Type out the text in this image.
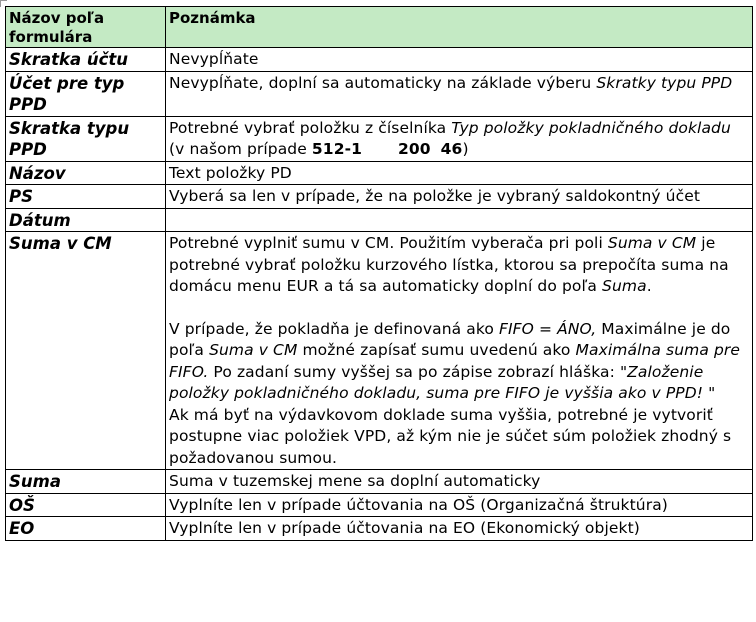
Názov poľa formulára	Poznámka
Skratka účtu	Nevypĺňate
Účet pre typ PPD	Nevypĺňate, doplní sa automaticky na základe výberu Skratky typu PPD
Skratka typu PPD	Potrebné vybrať položku z číselníka Typ položky pokladničného dokladu
(v našom prípade 512-1 200 46)

Názov	Text položky PD
PS	Vyberá sa len v prípade, že na položke je vybraný saldokontný účet
Dátum	
Suma v CM	Potrebné vyplniť sumu v CM. Použitím vyberača pri poli Suma v CM je potrebné vybrať položku kurzového lístka, ktorou sa prepočíta suma na domácu menu EUR a tá sa automaticky doplní do poľa Suma.
V prípade, že pokladňa je definovaná ako FIFO = ÁNO, Maximálne je do poľa Suma v CM možné zapísať sumu uvedenú ako Maximálna suma pre FIFO. Po zadaní sumy vyššej sa po zápise zobrazí hláška: "Založenie položky pokladničného dokladu, suma pre FIFO je vyššia ako v PPD! "
Ak má byť na výdavkovom doklade suma vyššia, potrebné je vytvoriť postupne viac položiek VPD, až kým nie je súčet súm položiek zhodný s požadovanou sumou.

Suma	Suma v tuzemskej mene sa doplní automaticky
OŠ	Vyplníte len v prípade účtovania na OŠ (Organizačná štruktúra)
EO	Vyplníte len v prípade účtovania na EO (Ekonomický objekt)
